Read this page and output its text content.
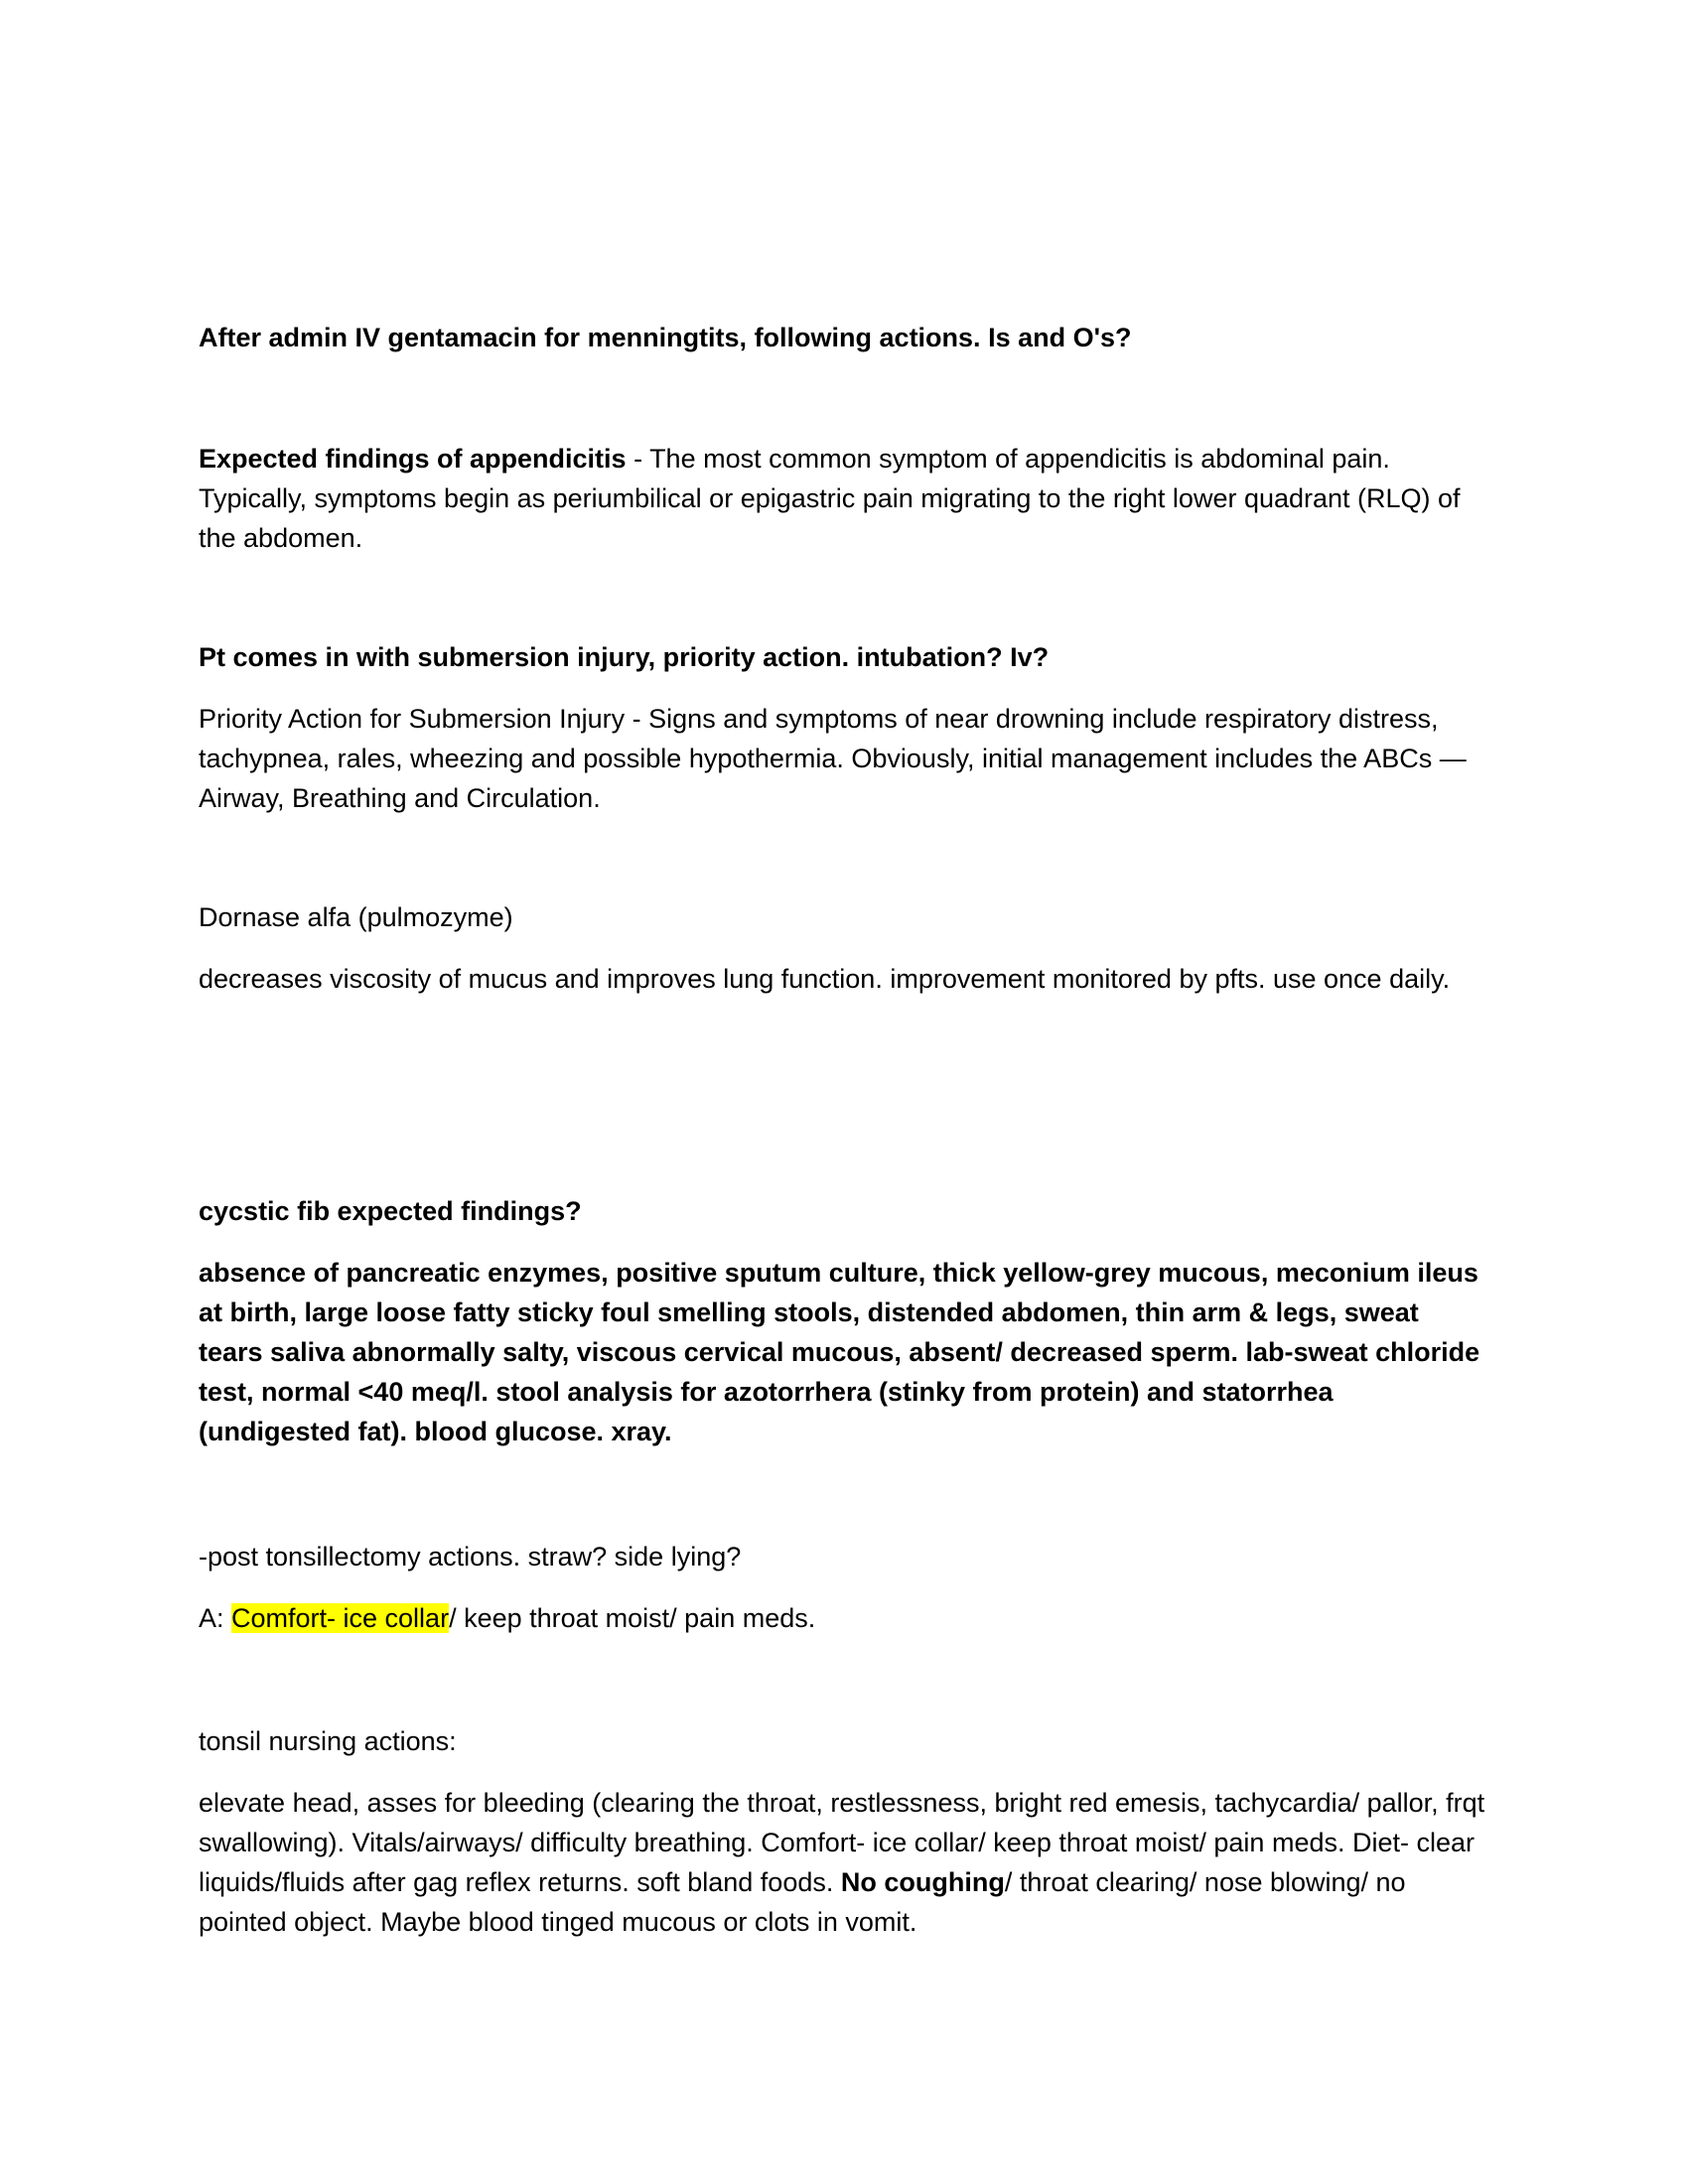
After admin IV gentamacin for menningtits, following actions. Is and O's?

Expected findings of appendicitis - The most common symptom of appendicitis is abdominal pain. Typically, symptoms begin as periumbilical or epigastric pain migrating to the right lower quadrant (RLQ) of the abdomen.

Pt comes in with submersion injury, priority action. intubation? Iv?

Priority Action for Submersion Injury - Signs and symptoms of near drowning include respiratory distress, tachypnea, rales, wheezing and possible hypothermia. Obviously, initial management includes the ABCs — Airway, Breathing and Circulation.

Dornase alfa (pulmozyme)

decreases viscosity of mucus and improves lung function. improvement monitored by pfts. use once daily.

cycstic fib expected findings?

absence of pancreatic enzymes, positive sputum culture, thick yellow-grey mucous, meconium ileus at birth, large loose fatty sticky foul smelling stools, distended abdomen, thin arm & legs, sweat tears saliva abnormally salty, viscous cervical mucous, absent/ decreased sperm. lab-sweat chloride test, normal <40 meq/l. stool analysis for azotorrhera (stinky from protein) and statorrhea (undigested fat). blood glucose. xray.

-post tonsillectomy actions. straw? side lying?

A: Comfort- ice collar/ keep throat moist/ pain meds.

tonsil nursing actions:

elevate head, asses for bleeding (clearing the throat, restlessness, bright red emesis, tachycardia/ pallor, frqt swallowing). Vitals/airways/ difficulty breathing. Comfort- ice collar/ keep throat moist/ pain meds. Diet- clear liquids/fluids after gag reflex returns. soft bland foods. No coughing/ throat clearing/ nose blowing/ no pointed object. Maybe blood tinged mucous or clots in vomit.
